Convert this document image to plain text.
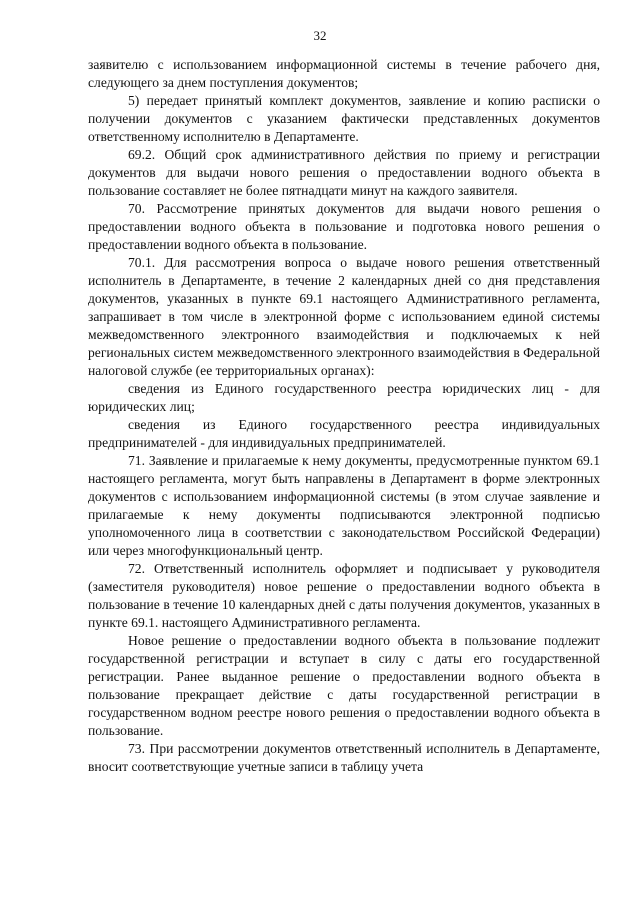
32

заявителю с использованием информационной системы в течение рабочего дня, следующего за днем поступления документов;

5) передает принятый комплект документов, заявление и копию расписки о получении документов с указанием фактически представленных документов ответственному исполнителю в Департаменте.

69.2. Общий срок административного действия по приему и регистрации документов для выдачи нового решения о предоставлении водного объекта в пользование составляет не более пятнадцати минут на каждого заявителя.

70. Рассмотрение принятых документов для выдачи нового решения о предоставлении водного объекта в пользование и подготовка нового решения о предоставлении водного объекта в пользование.

70.1. Для рассмотрения вопроса о выдаче нового решения ответственный исполнитель в Департаменте, в течение 2 календарных дней со дня представления документов, указанных в пункте 69.1 настоящего Административного регламента, запрашивает в том числе в электронной форме с использованием единой системы межведомственного электронного взаимодействия и подключаемых к ней региональных систем межведомственного электронного взаимодействия в Федеральной налоговой службе (ее территориальных органах):

сведения из Единого государственного реестра юридических лиц - для юридических лиц;

сведения из Единого государственного реестра индивидуальных предпринимателей - для индивидуальных предпринимателей.

71. Заявление и прилагаемые к нему документы, предусмотренные пунктом 69.1 настоящего регламента, могут быть направлены в Департамент в форме электронных документов с использованием информационной системы (в этом случае заявление и прилагаемые к нему документы подписываются электронной подписью уполномоченного лица в соответствии с законодательством Российской Федерации) или через многофункциональный центр.

72. Ответственный исполнитель оформляет и подписывает у руководителя (заместителя руководителя) новое решение о предоставлении водного объекта в пользование в течение 10 календарных дней с даты получения документов, указанных в пункте 69.1. настоящего Административного регламента.

Новое решение о предоставлении водного объекта в пользование подлежит государственной регистрации и вступает в силу с даты его государственной регистрации. Ранее выданное решение о предоставлении водного объекта в пользование прекращает действие с даты государственной регистрации в государственном водном реестре нового решения о предоставлении водного объекта в пользование.

73. При рассмотрении документов ответственный исполнитель в Департаменте, вносит соответствующие учетные записи в таблицу учета
